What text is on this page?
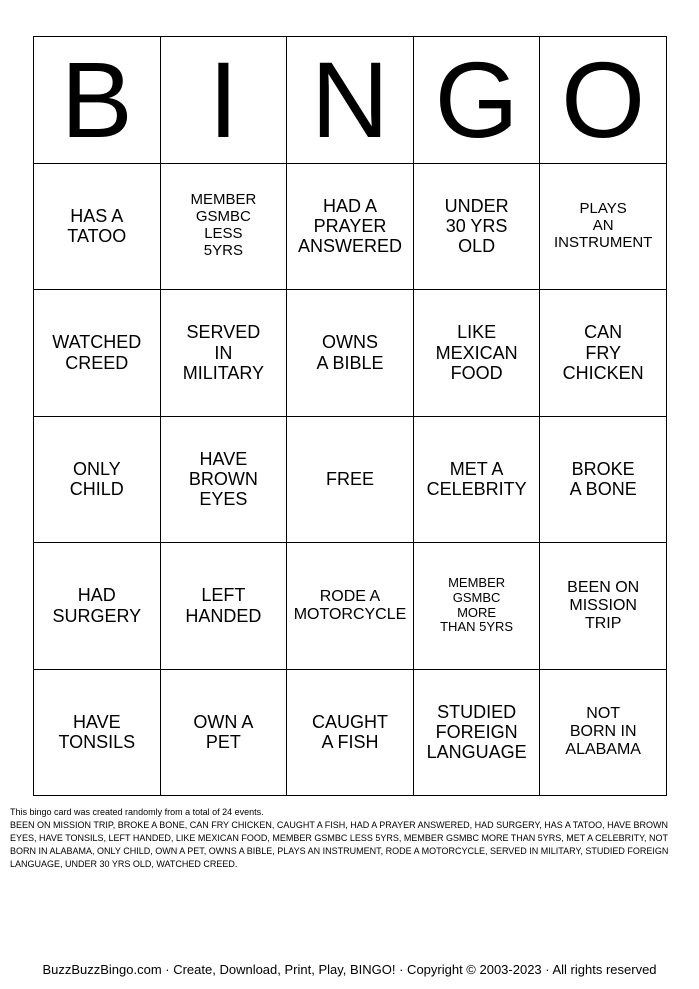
B I N G O
HAS A
TATOO
MEMBER
GSMBC
LESS
5YRS
HAD A
PRAYER
ANSWERED
UNDER
30 YRS
OLD
PLAYS
AN
INSTRUMENT
WATCHED
CREED
SERVED
IN
MILITARY
OWNS
A BIBLE
LIKE
MEXICAN
FOOD
CAN
FRY
CHICKEN
ONLY
CHILD
HAVE
BROWN
EYES
FREE
MET A
CELEBRITY
BROKE
A BONE
HAD
SURGERY
LEFT
HANDED
RODE A
MOTORCYCLE
MEMBER
GSMBC
MORE
THAN 5YRS
BEEN ON
MISSION
TRIP
HAVE
TONSILS
OWN A
PET
CAUGHT
A FISH
STUDIED
FOREIGN
LANGUAGE
NOT
BORN IN
ALABAMA

This bingo card was created randomly from a total of 24 events.

BEEN ON MISSION TRIP, BROKE A BONE, CAN FRY CHICKEN, CAUGHT A FISH, HAD A PRAYER ANSWERED, HAD SURGERY, HAS A TATOO, HAVE BROWN EYES, HAVE TONSILS, LEFT HANDED, LIKE MEXICAN FOOD, MEMBER GSMBC LESS 5YRS, MEMBER GSMBC MORE THAN 5YRS, MET A CELEBRITY, NOT BORN IN ALABAMA, ONLY CHILD, OWN A PET, OWNS A BIBLE, PLAYS AN INSTRUMENT, RODE A MOTORCYCLE, SERVED IN MILITARY, STUDIED FOREIGN LANGUAGE, UNDER 30 YRS OLD, WATCHED CREED.

BuzzBuzzBingo.com · Create, Download, Print, Play, BINGO! · Copyright © 2003-2023 · All rights reserved
